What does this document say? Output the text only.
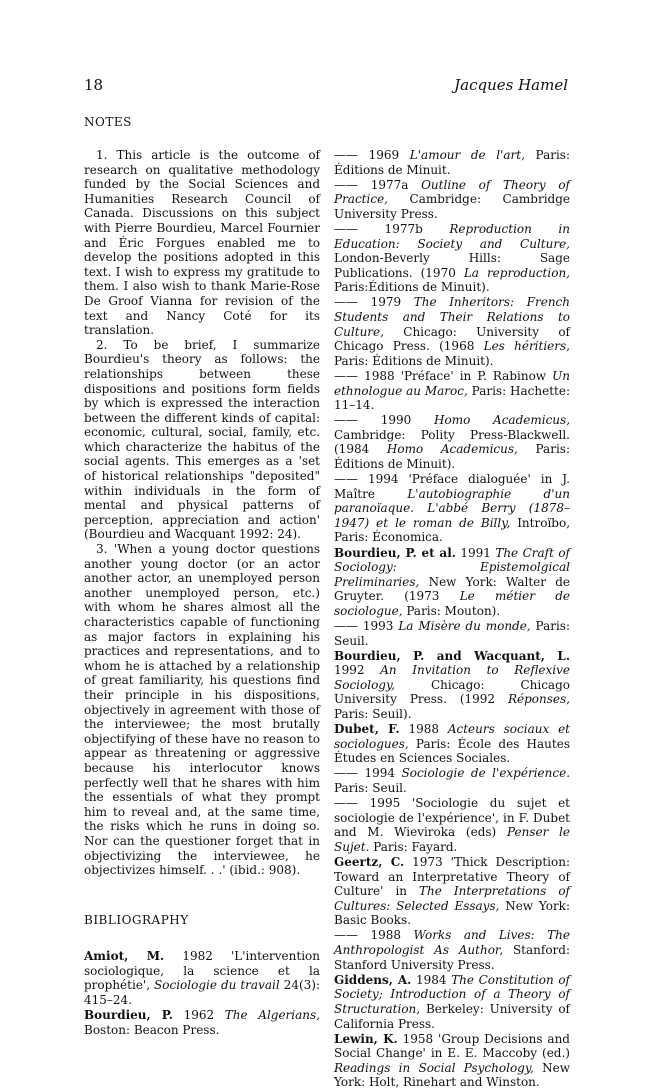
18	Jacques Hamel
NOTES

1. This article is the outcome of research on qualitative methodology funded by the Social Sciences and Humanities Research Council of Canada. Discussions on this subject with Pierre Bourdieu, Marcel Fournier and Éric Forgues enabled me to develop the positions adopted in this text. I wish to express my gratitude to them. I also wish to thank Marie-Rose De Groof Vianna for revision of the text and Nancy Coté for its translation.

2. To be brief, I summarize Bourdieu's theory as follows: the relationships between these dispositions and positions form fields by which is expressed the interaction between the different kinds of capital: economic, cultural, social, family, etc. which characterize the habitus of the social agents. This emerges as a 'set of historical relationships "deposited" within individuals in the form of mental and physical patterns of perception, appreciation and action' (Bourdieu and Wacquant 1992: 24).

3. 'When a young doctor questions another young doctor (or an actor another actor, an unemployed person another unemployed person, etc.) with whom he shares almost all the characteristics capable of functioning as major factors in explaining his practices and representations, and to whom he is attached by a relationship of great familiarity, his questions find their principle in his dispositions, objectively in agreement with those of the interviewee; the most brutally objectifying of these have no reason to appear as threatening or aggressive because his interlocutor knows perfectly well that he shares with him the essentials of what they prompt him to reveal and, at the same time, the risks which he runs in doing so. Nor can the questioner forget that in objectivizing the interviewee, he objectivizes himself. . .' (ibid.: 908).

BIBLIOGRAPHY

Amiot, M. 1982 'L'intervention sociologique, la science et la prophétie', Sociologie du travail 24(3): 415–24.

Bourdieu, P. 1962 The Algerians, Boston: Beacon Press.

—— 1969 L'amour de l'art, Paris: Éditions de Minuit.

—— 1977a Outline of Theory of Practice, Cambridge: Cambridge University Press.

—— 1977b Reproduction in Education: Society and Culture, London-Beverly Hills: Sage Publications. (1970 La reproduction, Paris:Éditions de Minuit).

—— 1979 The Inheritors: French Students and Their Relations to Culture, Chicago: University of Chicago Press. (1968 Les héritiers, Paris: Éditions de Minuit).

—— 1988 'Préface' in P. Rabinow Un ethnologue au Maroc, Paris: Hachette: 11–14.

—— 1990 Homo Academicus, Cambridge: Polity Press-Blackwell. (1984 Homo Academicus, Paris: Éditions de Minuit).

—— 1994 'Préface dialoguée' in J. Maître L'autobiographie d'un paranoïaque. L'abbé Berry (1878–1947) et le roman de Billy, Introïbo, Paris: Économica.

Bourdieu, P. et al. 1991 The Craft of Sociology: Epistemolgical Preliminaries, New York: Walter de Gruyter. (1973 Le métier de sociologue, Paris: Mouton).

—— 1993 La Misère du monde, Paris: Seuil.

Bourdieu, P. and Wacquant, L. 1992 An Invitation to Reflexive Sociology, Chicago: Chicago University Press. (1992 Réponses, Paris: Seuil).

Dubet, F. 1988 Acteurs sociaux et sociologues, Paris: École des Hautes Études en Sciences Sociales.

—— 1994 Sociologie de l'expérience. Paris: Seuil.

—— 1995 'Sociologie du sujet et sociologie de l'expérience', in F. Dubet and M. Wieviroka (eds) Penser le Sujet. Paris: Fayard.

Geertz, C. 1973 'Thick Description: Toward an Interpretative Theory of Culture' in The Interpretations of Cultures: Selected Essays, New York: Basic Books.

—— 1988 Works and Lives: The Anthropologist As Author, Stanford: Stanford University Press.

Giddens, A. 1984 The Constitution of Society; Introduction of a Theory of Structuration, Berkeley: University of California Press.

Lewin, K. 1958 'Group Decisions and Social Change' in E. E. Maccoby (ed.) Readings in Social Psychology, New York: Holt, Rinehart and Winston.
